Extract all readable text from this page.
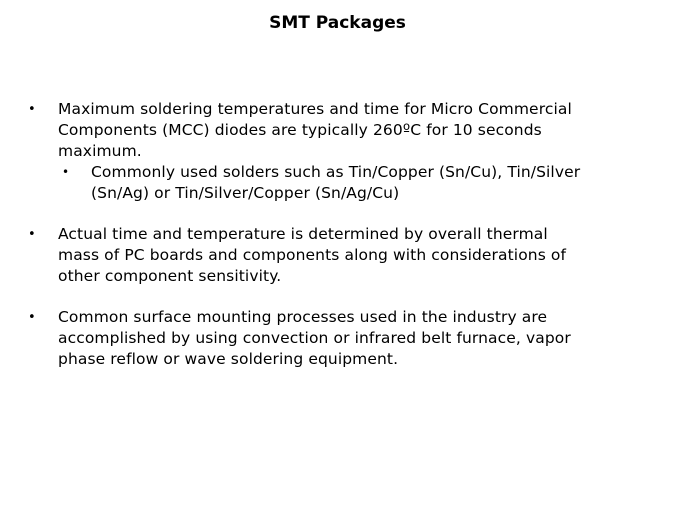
SMT Packages
• Maximum soldering temperatures and time for Micro Commercial
Components (MCC) diodes are typically 260ºC for 10 seconds
maximum.
• Commonly used solders such as Tin/Copper (Sn/Cu), Tin/Silver
(Sn/Ag) or Tin/Silver/Copper (Sn/Ag/Cu)
• Actual time and temperature is determined by overall thermal
mass of PC boards and components along with considerations of
other component sensitivity.
• Common surface mounting processes used in the industry are
accomplished by using convection or infrared belt furnace, vapor
phase reflow or wave soldering equipment.
